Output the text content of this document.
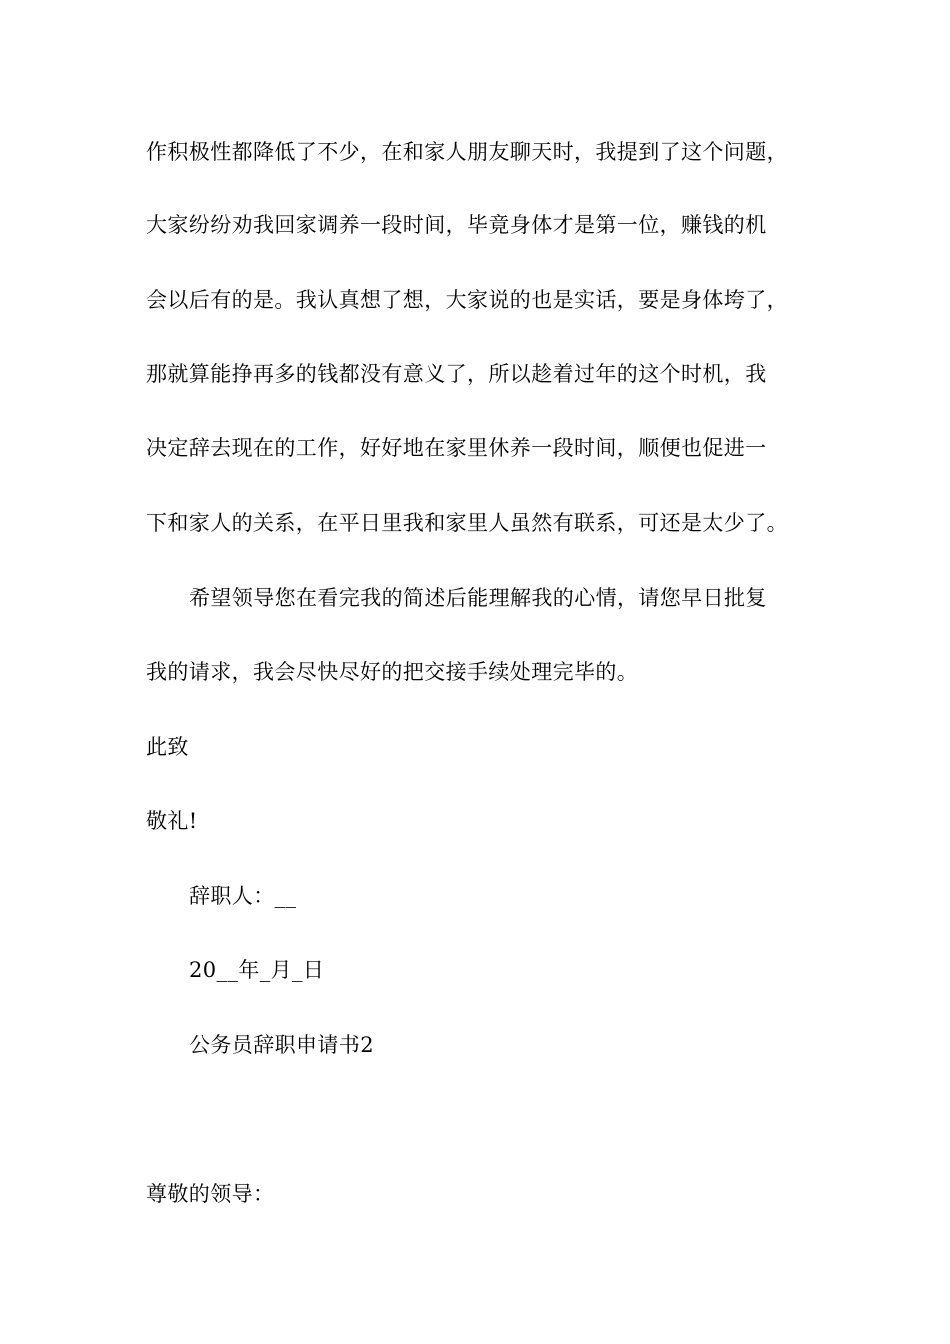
作积极性都降低了不少，在和家人朋友聊天时，我提到了这个问题，
大家纷纷劝我回家调养一段时间，毕竟身体才是第一位，赚钱的机
会以后有的是。我认真想了想，大家说的也是实话，要是身体垮了，
那就算能挣再多的钱都没有意义了，所以趁着过年的这个时机，我
决定辞去现在的工作，好好地在家里休养一段时间，顺便也促进一
下和家人的关系，在平日里我和家里人虽然有联系，可还是太少了。
希望领导您在看完我的简述后能理解我的心情，请您早日批复
我的请求，我会尽快尽好的把交接手续处理完毕的。
此致
敬礼!
辞职人：__
20__年_月_日
公务员辞职申请书2
尊敬的领导：
